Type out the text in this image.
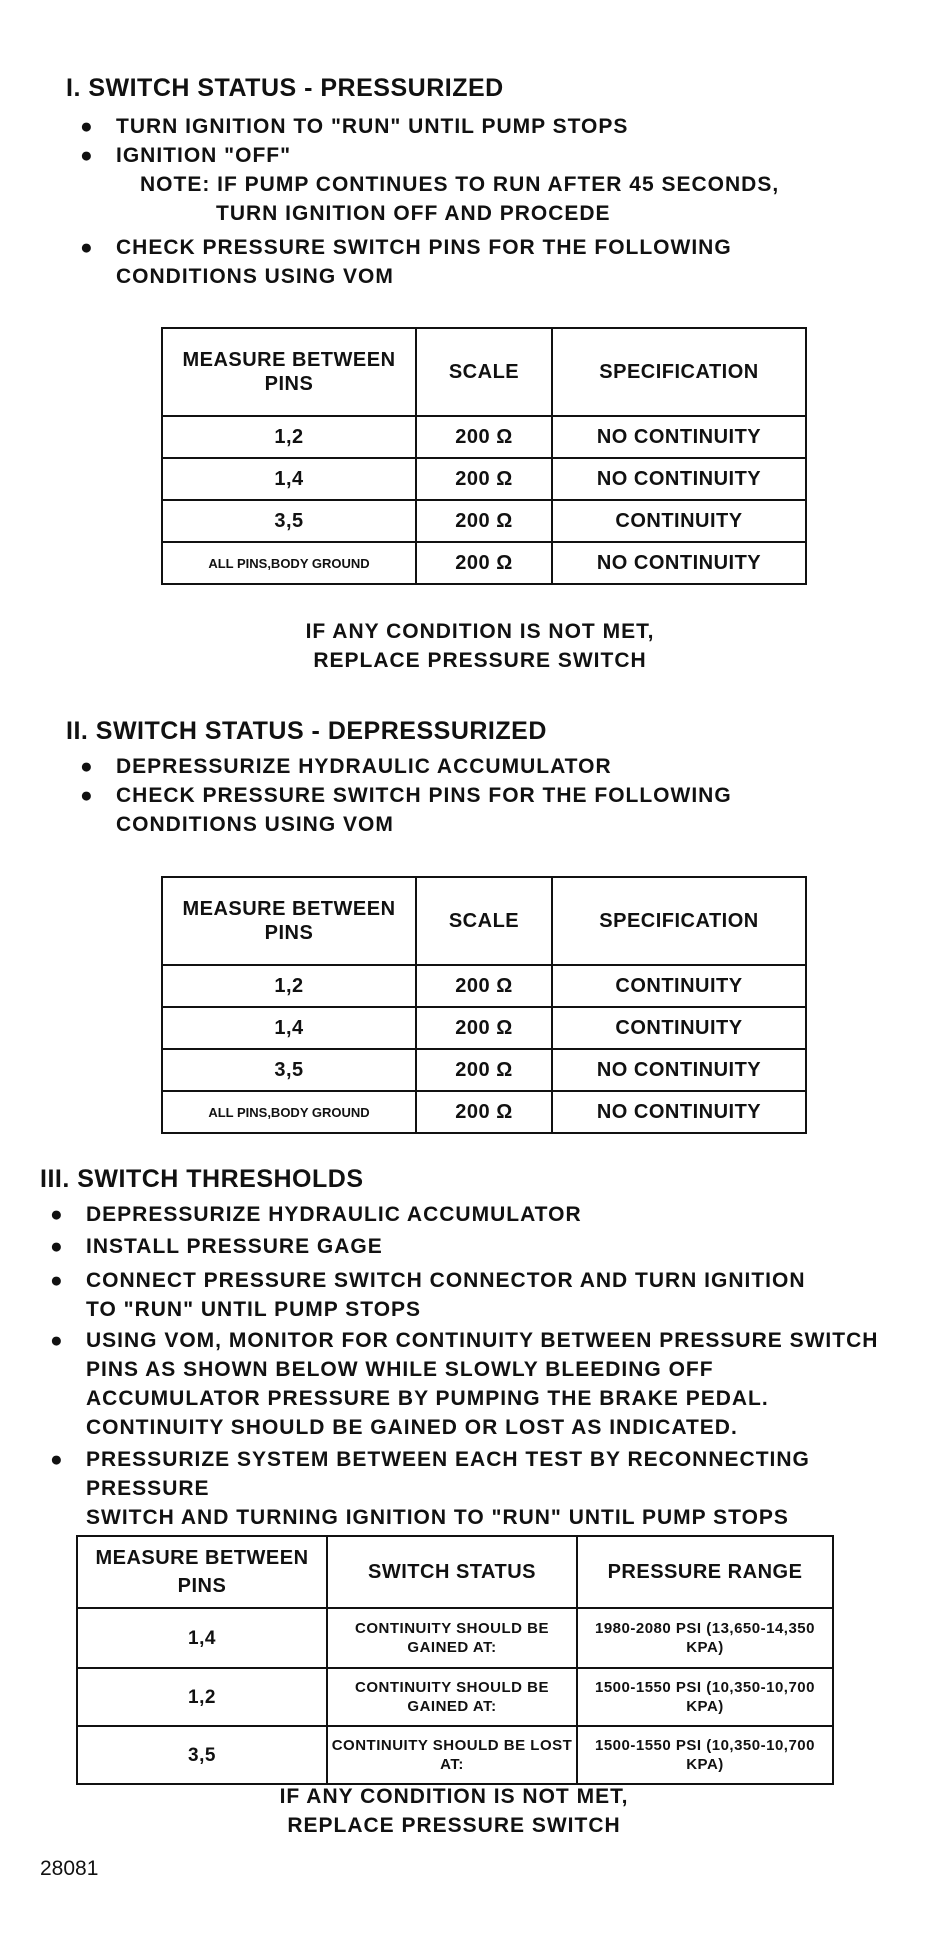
I. SWITCH STATUS - PRESSURIZED
● TURN IGNITION TO "RUN" UNTIL PUMP STOPS
● IGNITION "OFF"
NOTE: IF PUMP CONTINUES TO RUN AFTER 45 SECONDS,
TURN IGNITION OFF AND PROCEDE
● CHECK PRESSURE SWITCH PINS FOR THE FOLLOWING
CONDITIONS USING VOM
MEASURE BETWEEN PINS	SCALE	SPECIFICATION
1,2	200 Ω	NO CONTINUITY
1,4	200 Ω	NO CONTINUITY
3,5	200 Ω	CONTINUITY
ALL PINS,BODY GROUND	200 Ω	NO CONTINUITY
IF ANY CONDITION IS NOT MET,
REPLACE PRESSURE SWITCH
II. SWITCH STATUS - DEPRESSURIZED
● DEPRESSURIZE HYDRAULIC ACCUMULATOR
● CHECK PRESSURE SWITCH PINS FOR THE FOLLOWING
CONDITIONS USING VOM
MEASURE BETWEEN PINS	SCALE	SPECIFICATION
1,2	200 Ω	CONTINUITY
1,4	200 Ω	CONTINUITY
3,5	200 Ω	NO CONTINUITY
ALL PINS,BODY GROUND	200 Ω	NO CONTINUITY
III. SWITCH THRESHOLDS
● DEPRESSURIZE HYDRAULIC ACCUMULATOR
● INSTALL PRESSURE GAGE
● CONNECT PRESSURE SWITCH CONNECTOR AND TURN IGNITION
TO "RUN" UNTIL PUMP STOPS
● USING VOM, MONITOR FOR CONTINUITY BETWEEN PRESSURE SWITCH
PINS AS SHOWN BELOW WHILE SLOWLY BLEEDING OFF
ACCUMULATOR PRESSURE BY PUMPING THE BRAKE PEDAL.
CONTINUITY SHOULD BE GAINED OR LOST AS INDICATED.
● PRESSURIZE SYSTEM BETWEEN EACH TEST BY RECONNECTING PRESSURE
SWITCH AND TURNING IGNITION TO "RUN" UNTIL PUMP STOPS
MEASURE BETWEEN PINS	SWITCH STATUS	PRESSURE RANGE
1,4	CONTINUITY SHOULD BE GAINED AT:	1980-2080 PSI (13,650-14,350 KPA)
1,2	CONTINUITY SHOULD BE GAINED AT:	1500-1550 PSI (10,350-10,700 KPA)
3,5	CONTINUITY SHOULD BE LOST AT:	1500-1550 PSI (10,350-10,700 KPA)
IF ANY CONDITION IS NOT MET,
REPLACE PRESSURE SWITCH
28081
